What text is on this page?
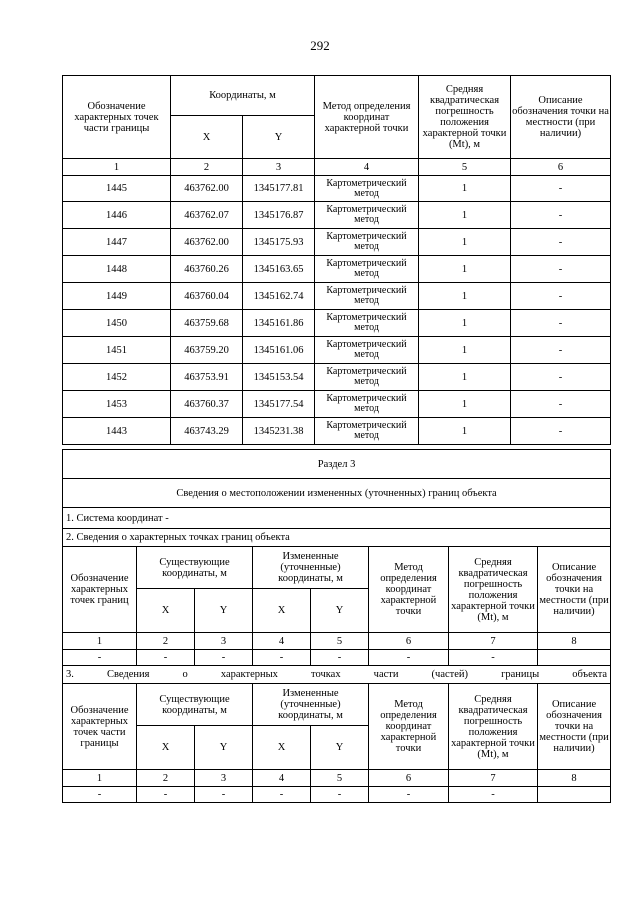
292
Обозначение характерных точек части границы	Координаты, м		Метод определения координат характерной точки	Средняя квадратическая погрешность положения характерной точки (Mt), м	Описание обозначения точки на местности (при наличии)
	X	Y			
1	2	3	4	5	6
1445	463762.00	1345177.81	Картометрический метод	1	-
1446	463762.07	1345176.87	Картометрический метод	1	-
1447	463762.00	1345175.93	Картометрический метод	1	-
1448	463760.26	1345163.65	Картометрический метод	1	-
1449	463760.04	1345162.74	Картометрический метод	1	-
1450	463759.68	1345161.86	Картометрический метод	1	-
1451	463759.20	1345161.06	Картометрический метод	1	-
1452	463753.91	1345153.54	Картометрический метод	1	-
1453	463760.37	1345177.54	Картометрический метод	1	-
1443	463743.29	1345231.38	Картометрический метод	1	-
Раздел 3							
Сведения о местоположении измененных (уточненных) границ объекта							
1. Система координат -							
2. Сведения о характерных точках границ объекта							
Обозначение характерных точек границ	Существующие координаты, м		Измененные (уточненные) координаты, м		Метод определения координат характерной точки	Средняя квадратическая погрешность положения характерной точки (Mt), м	Описание обозначения точки на местности (при наличии)
	X	Y	X	Y			
1	2	3	4	5	6	7	8
-	-	-	-	-	-	-	
3. Сведения о характерных точках части (частей) границы объекта							
Обозначение характерных точек части границы	Существующие координаты, м		Измененные (уточненные) координаты, м		Метод определения координат характерной точки	Средняя квадратическая погрешность положения характерной точки (Mt), м	Описание обозначения точки на местности (при наличии)
	X	Y	X	Y			
1	2	3	4	5	6	7	8
-	-	-	-	-	-	-	
